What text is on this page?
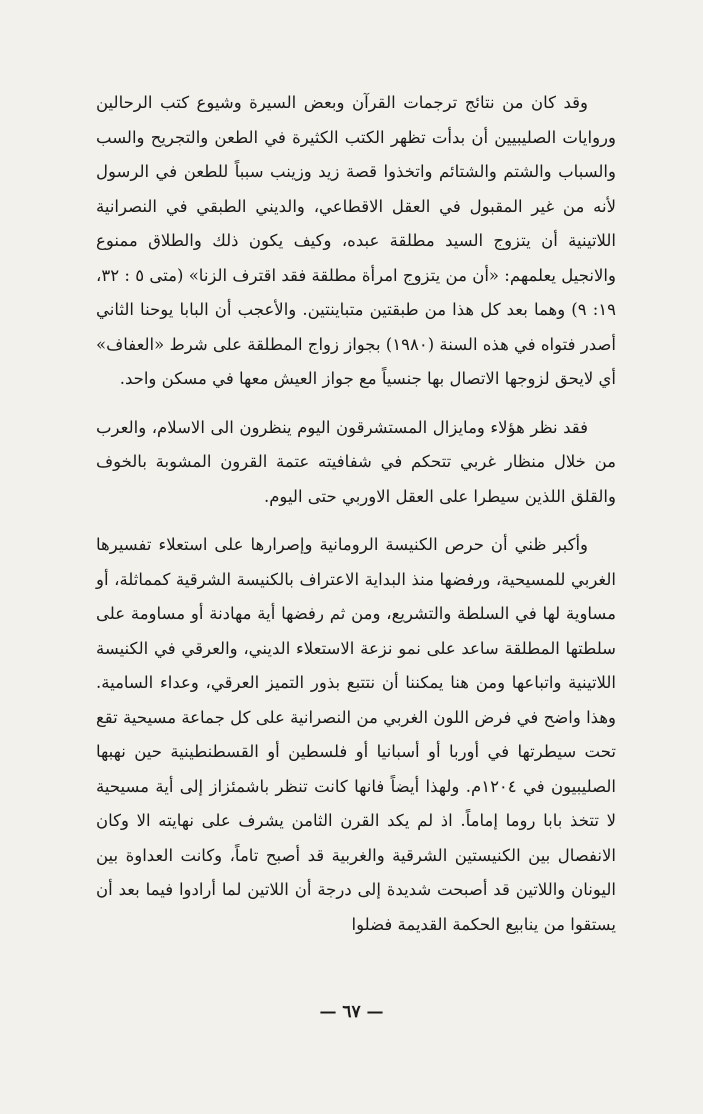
وقد كان من نتائج ترجمات القرآن وبعض السيرة وشيوع كتب الرحالين وروايات الصليبيين أن بدأت تظهر الكتب الكثيرة في الطعن والتجريح والسب والسباب والشتم والشتائم واتخذوا قصة زيد وزينب سبباً للطعن في الرسول لأنه من غير المقبول في العقل الاقطاعي، والديني الطبقي في النصرانية اللاتينية أن يتزوج السيد مطلقة عبده، وكيف يكون ذلك والطلاق ممنوع والانجيل يعلمهم: «أن من يتزوج امرأة مطلقة فقد اقترف الزنا» (متى ٥ : ٣٢، ١٩: ٩) وهما بعد كل هذا من طبقتين متباينتين. والأعجب أن البابا يوحنا الثاني أصدر فتواه في هذه السنة (١٩٨٠) بجواز زواج المطلقة على شرط «العفاف» أي لايحق لزوجها الاتصال بها جنسياً مع جواز العيش معها في مسكن واحد.

فقد نظر هؤلاء ومايزال المستشرقون اليوم ينظرون الى الاسلام، والعرب من خلال منظار غربي تتحكم في شفافيته عتمة القرون المشوبة بالخوف والقلق اللذين سيطرا على العقل الاوربي حتى اليوم.

وأكبر ظني أن حرص الكنيسة الرومانية وإصرارها على استعلاء تفسيرها الغربي للمسيحية، ورفضها منذ البداية الاعتراف بالكنيسة الشرقية كمماثلة، أو مساوية لها في السلطة والتشريع، ومن ثم رفضها أية مهادنة أو مساومة على سلطتها المطلقة ساعد على نمو نزعة الاستعلاء الديني، والعرقي في الكنيسة اللاتينية واتباعها ومن هنا يمكننا أن نتتبع بذور التميز العرقي، وعداء السامية. وهذا واضح في فرض اللون الغربي من النصرانية على كل جماعة مسيحية تقع تحت سيطرتها في أوربا أو أسبانيا أو فلسطين أو القسطنطينية حين نهبها الصليبيون في ١٢٠٤م. ولهذا أيضاً فانها كانت تنظر باشمئزاز إلى أية مسيحية لا تتخذ بابا روما إماماً. اذ لم يكد القرن الثامن يشرف على نهايته الا وكان الانفصال بين الكنيستين الشرقية والغربية قد أصبح تاماً، وكانت العداوة بين اليونان واللاتين قد أصبحت شديدة إلى درجة أن اللاتين لما أرادوا فيما بعد أن يستقوا من ينابيع الحكمة القديمة فضلوا

— ٦٧ —
